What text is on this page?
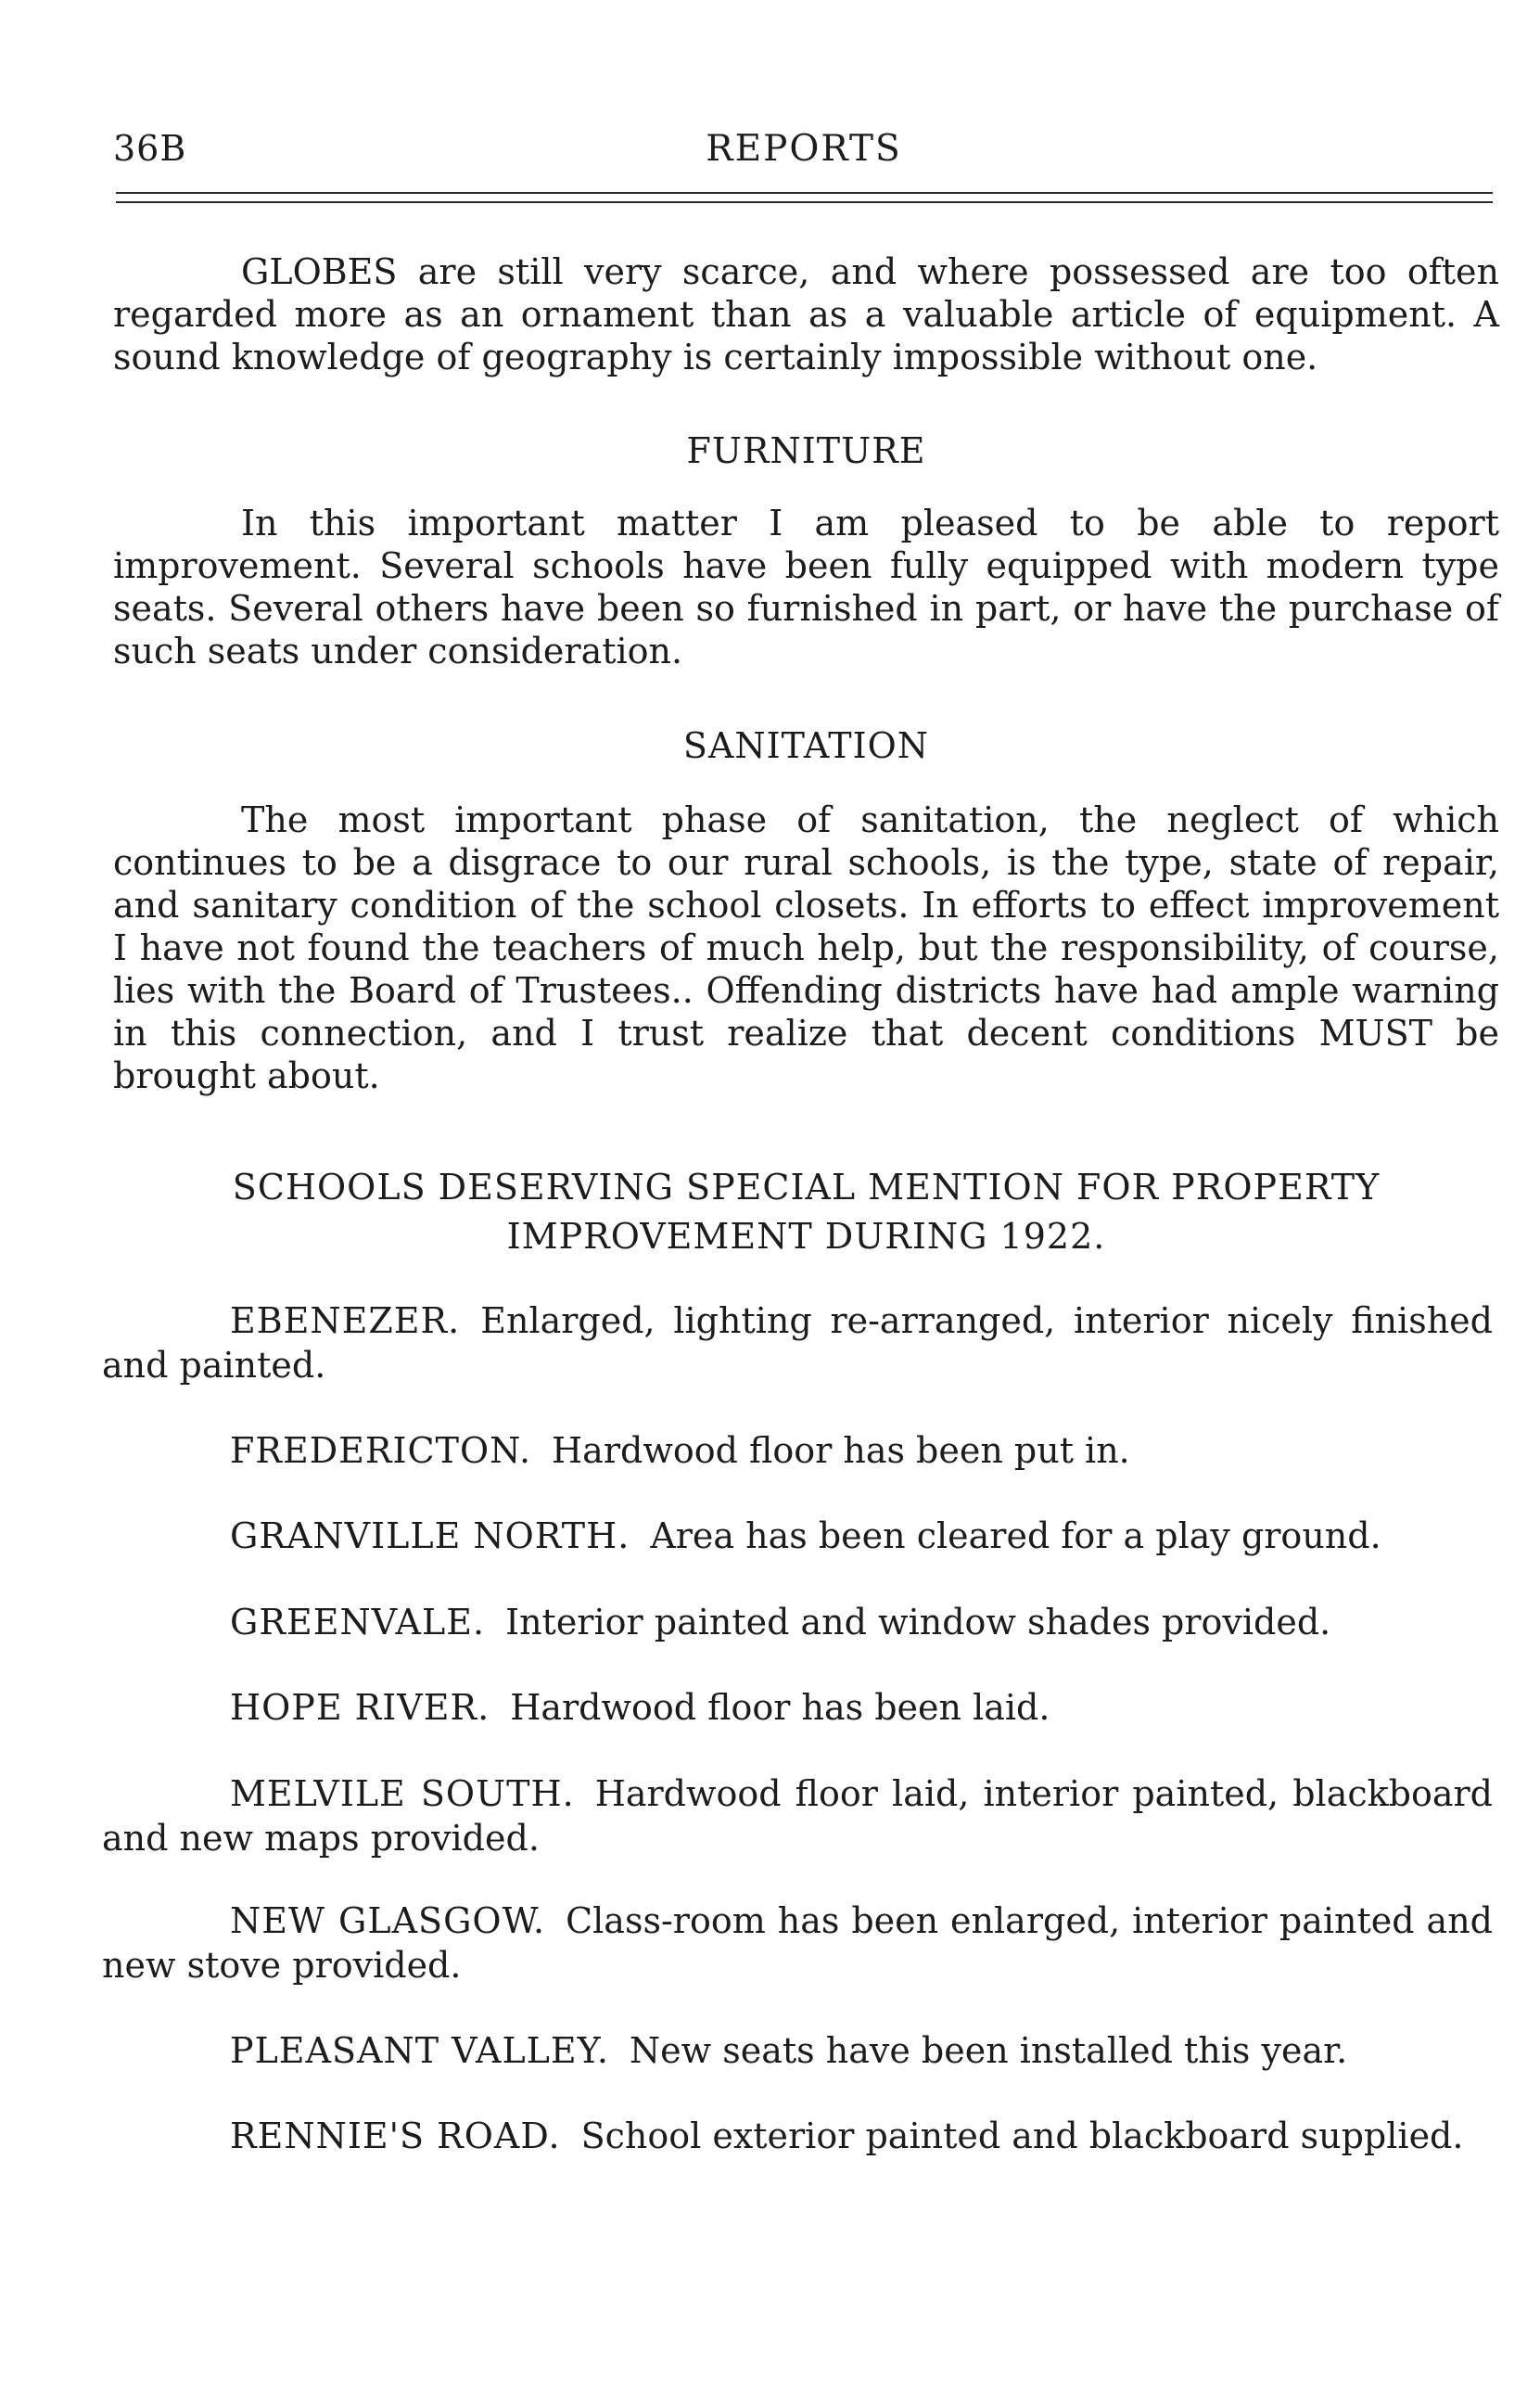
36B	REPORTS

GLOBES are still very scarce, and where possessed are too often regarded more as an ornament than as a valuable article of equipment. A sound knowledge of geography is certainly impossible without one.

FURNITURE

In this important matter I am pleased to be able to report improvement. Several schools have been fully equipped with modern type seats. Several others have been so furnished in part, or have the purchase of such seats under consideration.

SANITATION

The most important phase of sanitation, the neglect of which continues to be a disgrace to our rural schools, is the type, state of repair, and sanitary condition of the school closets. In efforts to effect improvement I have not found the teachers of much help, but the responsibility, of course, lies with the Board of Trustees.. Offending districts have had ample warning in this connection, and I trust realize that decent conditions MUST be brought about.

SCHOOLS DESERVING SPECIAL MENTION FOR PROPERTY
IMPROVEMENT DURING 1922.

EBENEZER. Enlarged, lighting re-arranged, interior nicely finished and painted.

FREDERICTON. Hardwood floor has been put in.

GRANVILLE NORTH. Area has been cleared for a play ground.

GREENVALE. Interior painted and window shades provided.

HOPE RIVER. Hardwood floor has been laid.

MELVILE SOUTH. Hardwood floor laid, interior painted, blackboard and new maps provided.

NEW GLASGOW. Class-room has been enlarged, interior painted and new stove provided.

PLEASANT VALLEY. New seats have been installed this year.

RENNIE'S ROAD. School exterior painted and blackboard supplied.
